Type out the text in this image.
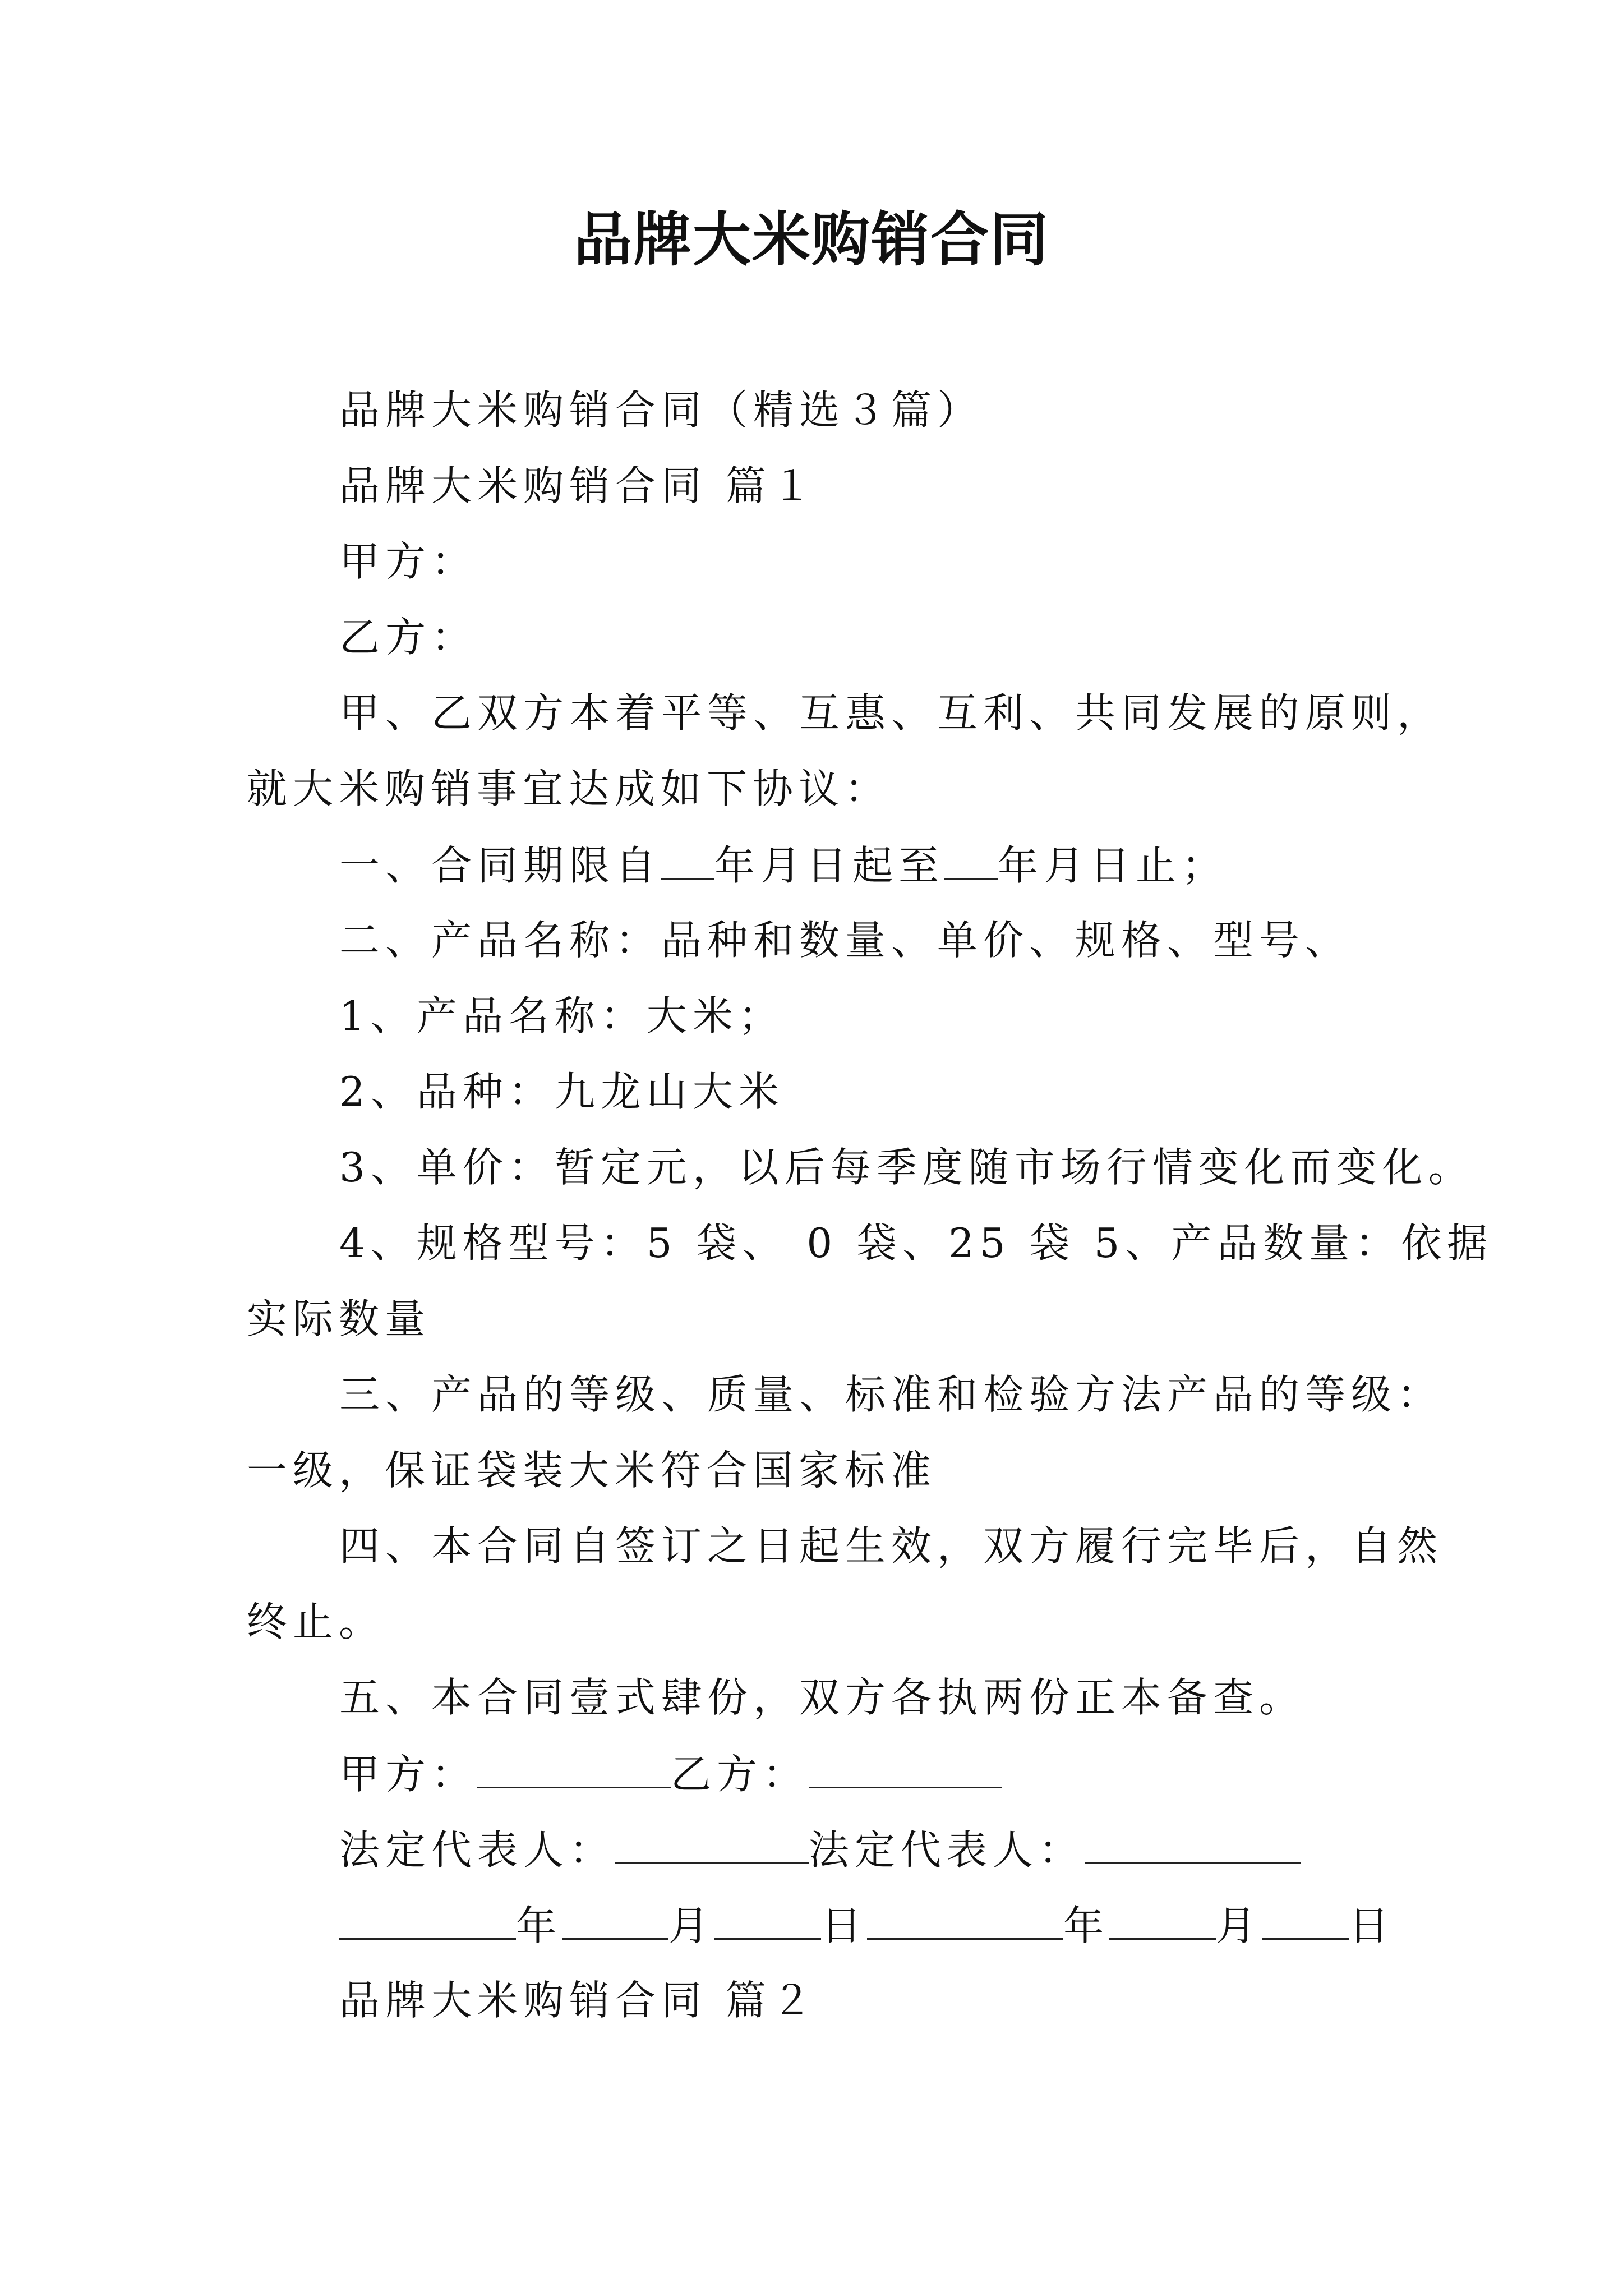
品牌大米购销合同
品牌大米购销合同（精选３篇）
品牌大米购销合同 篇１
甲方：
乙方：
甲、乙双方本着平等、互惠、互利、共同发展的原则，
就大米购销事宜达成如下协议：
一、合同期限自 年月日起至 年月日止；
二、产品名称：品种和数量、单价、规格、型号、
1、产品名称：大米；
2、品种：九龙山大米
3、单价：暂定元，以后每季度随市场行情变化而变化。
4、规格型号：5 袋、 0 袋、25 袋 5、产品数量：依据
实际数量
三、产品的等级、质量、标准和检验方法产品的等级：
一级，保证袋装大米符合国家标准
四、本合同自签订之日起生效，双方履行完毕后，自然
终止。
五、本合同壹式肆份，双方各执两份正本备查。
甲方：	乙方：
法定代表人：	法定代表人：
年	月	日	年	月 日
品牌大米购销合同 篇２
